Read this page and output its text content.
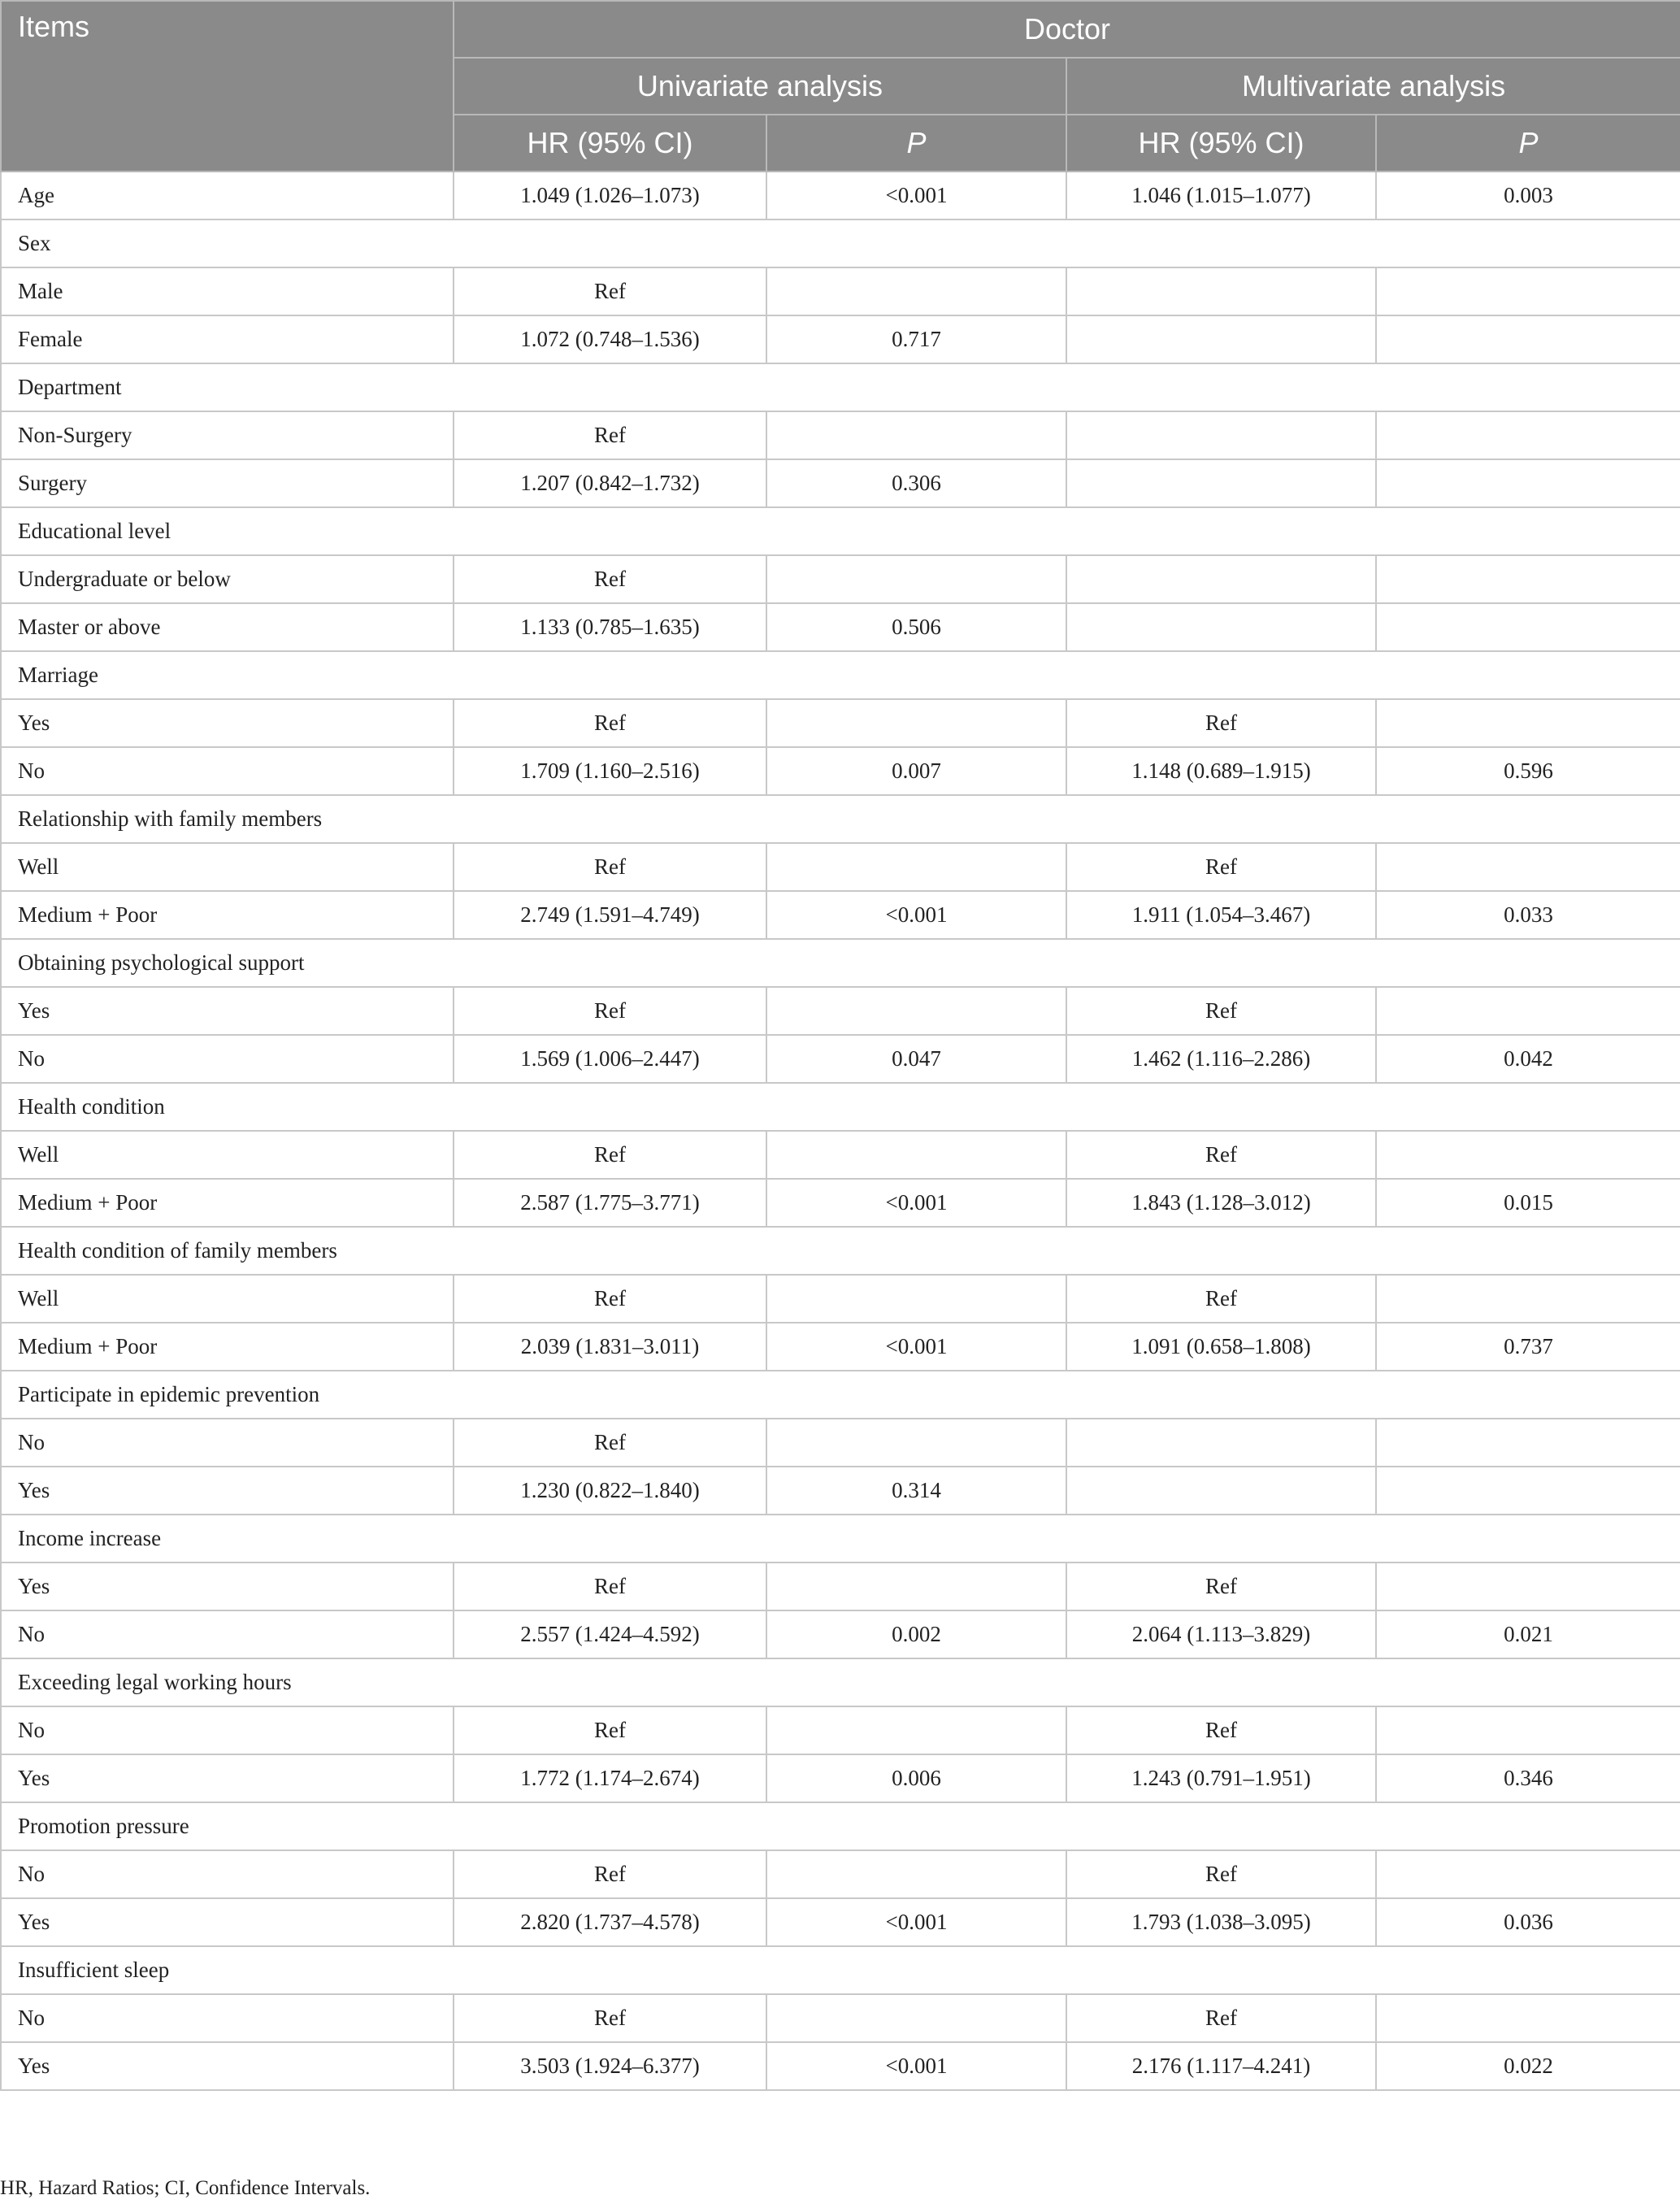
Items	Doctor			
	Univariate analysis		Multivariate analysis	
	HR (95% CI)	P	HR (95% CI)	P
Age	1.049 (1.026–1.073)	<0.001	1.046 (1.015–1.077)	0.003
Sex				
Male	Ref			
Female	1.072 (0.748–1.536)	0.717		
Department				
Non-Surgery	Ref			
Surgery	1.207 (0.842–1.732)	0.306		
Educational level				
Undergraduate or below	Ref			
Master or above	1.133 (0.785–1.635)	0.506		
Marriage				
Yes	Ref		Ref	
No	1.709 (1.160–2.516)	0.007	1.148 (0.689–1.915)	0.596
Relationship with family members				
Well	Ref		Ref	
Medium + Poor	2.749 (1.591–4.749)	<0.001	1.911 (1.054–3.467)	0.033
Obtaining psychological support				
Yes	Ref		Ref	
No	1.569 (1.006–2.447)	0.047	1.462 (1.116–2.286)	0.042
Health condition				
Well	Ref		Ref	
Medium + Poor	2.587 (1.775–3.771)	<0.001	1.843 (1.128–3.012)	0.015
Health condition of family members				
Well	Ref		Ref	
Medium + Poor	2.039 (1.831–3.011)	<0.001	1.091 (0.658–1.808)	0.737
Participate in epidemic prevention				
No	Ref			
Yes	1.230 (0.822–1.840)	0.314		
Income increase				
Yes	Ref		Ref	
No	2.557 (1.424–4.592)	0.002	2.064 (1.113–3.829)	0.021
Exceeding legal working hours				
No	Ref		Ref	
Yes	1.772 (1.174–2.674)	0.006	1.243 (0.791–1.951)	0.346
Promotion pressure				
No	Ref		Ref	
Yes	2.820 (1.737–4.578)	<0.001	1.793 (1.038–3.095)	0.036
Insufficient sleep				
No	Ref		Ref	
Yes	3.503 (1.924–6.377)	<0.001	2.176 (1.117–4.241)	0.022
HR, Hazard Ratios; CI, Confidence Intervals.
